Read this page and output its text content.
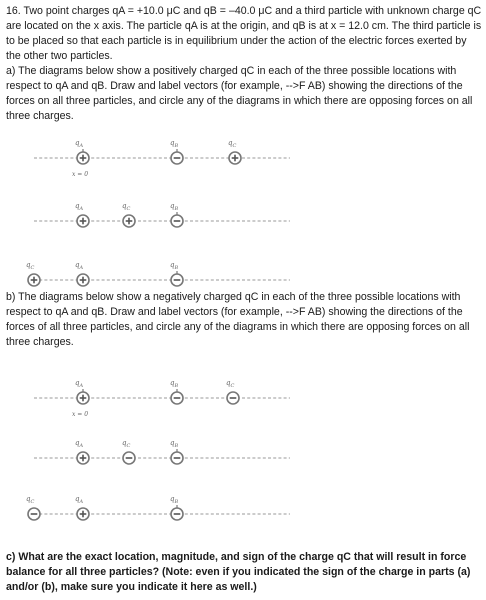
16. Two point charges qA = +10.0 μC and qB = –40.0 μC and a third particle with unknown charge qC are located on the x axis. The particle qA is at the origin, and qB is at x = 12.0 cm. The third particle is to be placed so that each particle is in equilibrium under the action of the electric forces exerted by the other two particles.

a) The diagrams below show a positively charged qC in each of the three possible locations with respect to qA and qB. Draw and label vectors (for example, -->F AB) showing the directions of the forces on all three particles, and circle any of the diagrams in which there are opposing forces on all three charges.

b) The diagrams below show a negatively charged qC in each of the three possible locations with respect to qA and qB. Draw and label vectors (for example, -->F AB) showing the directions of the forces of all three particles, and circle any of the diagrams in which there are opposing forces on all three charges.

c) What are the exact location, magnitude, and sign of the charge qC that will result in force balance for all three particles? (Note: even if you indicated the sign of the charge in parts (a) and/or (b), make sure you indicate it here as well.)

$q_A$	$q_B$	$q_C$
x = 0
$q_A$	$q_C$	$q_B$
$q_C$	$q_A$	$q_B$
$q_A$	$q_B$	$q_C$
x = 0
$q_A$	$q_C$	$q_B$
$q_C$	$q_A$	$q_B$
